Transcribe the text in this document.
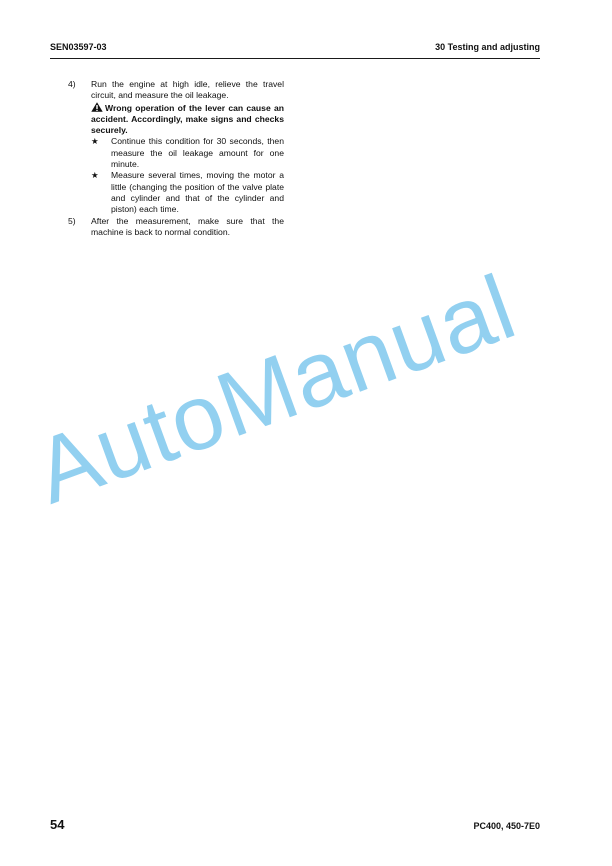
SEN03597-03	30 Testing and adjusting
4) Run the engine at high idle, relieve the travel circuit, and measure the oil leakage.
Wrong operation of the lever can cause an accident. Accordingly, make signs and checks securely.
★ Continue this condition for 30 seconds, then measure the oil leakage amount for one minute.
★ Measure several times, moving the motor a little (changing the position of the valve plate and cylinder and that of the cylinder and piston) each time.
5) After the measurement, make sure that the machine is back to normal condition.
AutoManual
54	PC400, 450-7E0
